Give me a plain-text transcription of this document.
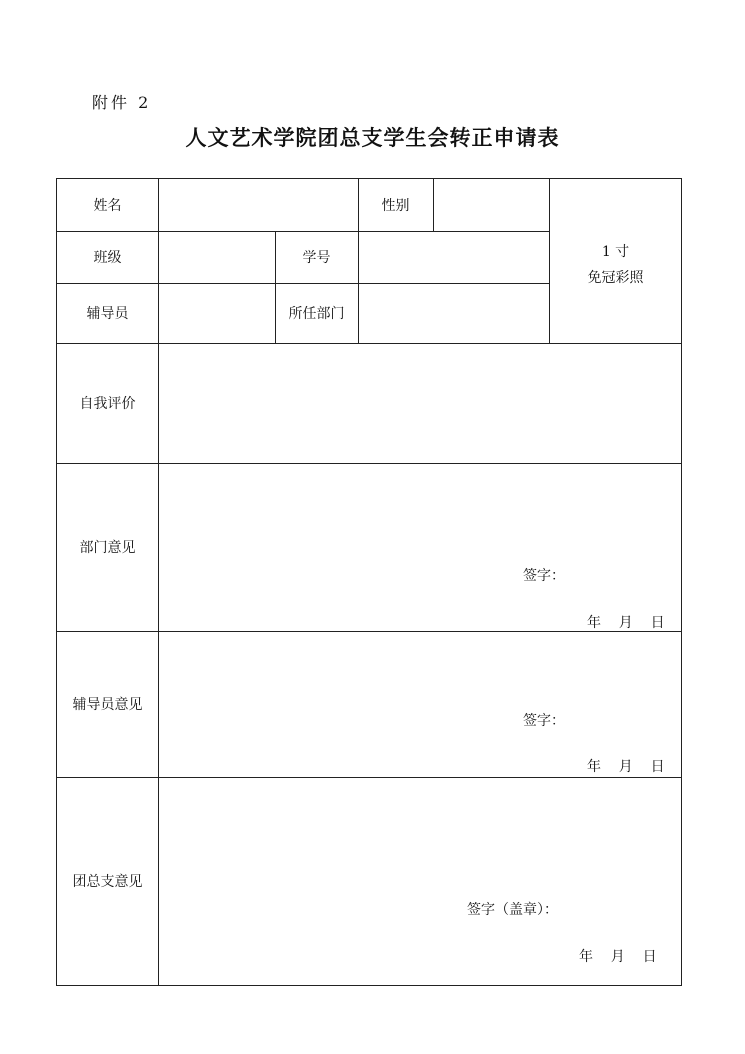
附件 2
人文艺术学院团总支学生会转正申请表
姓名	性别
班级	学号
辅导员	所任部门
1 寸
免冠彩照
自我评价
部门意见
签字：
年    月    日
辅导员意见
签字：
年    月    日
团总支意见
签字（盖章）：
年    月    日
